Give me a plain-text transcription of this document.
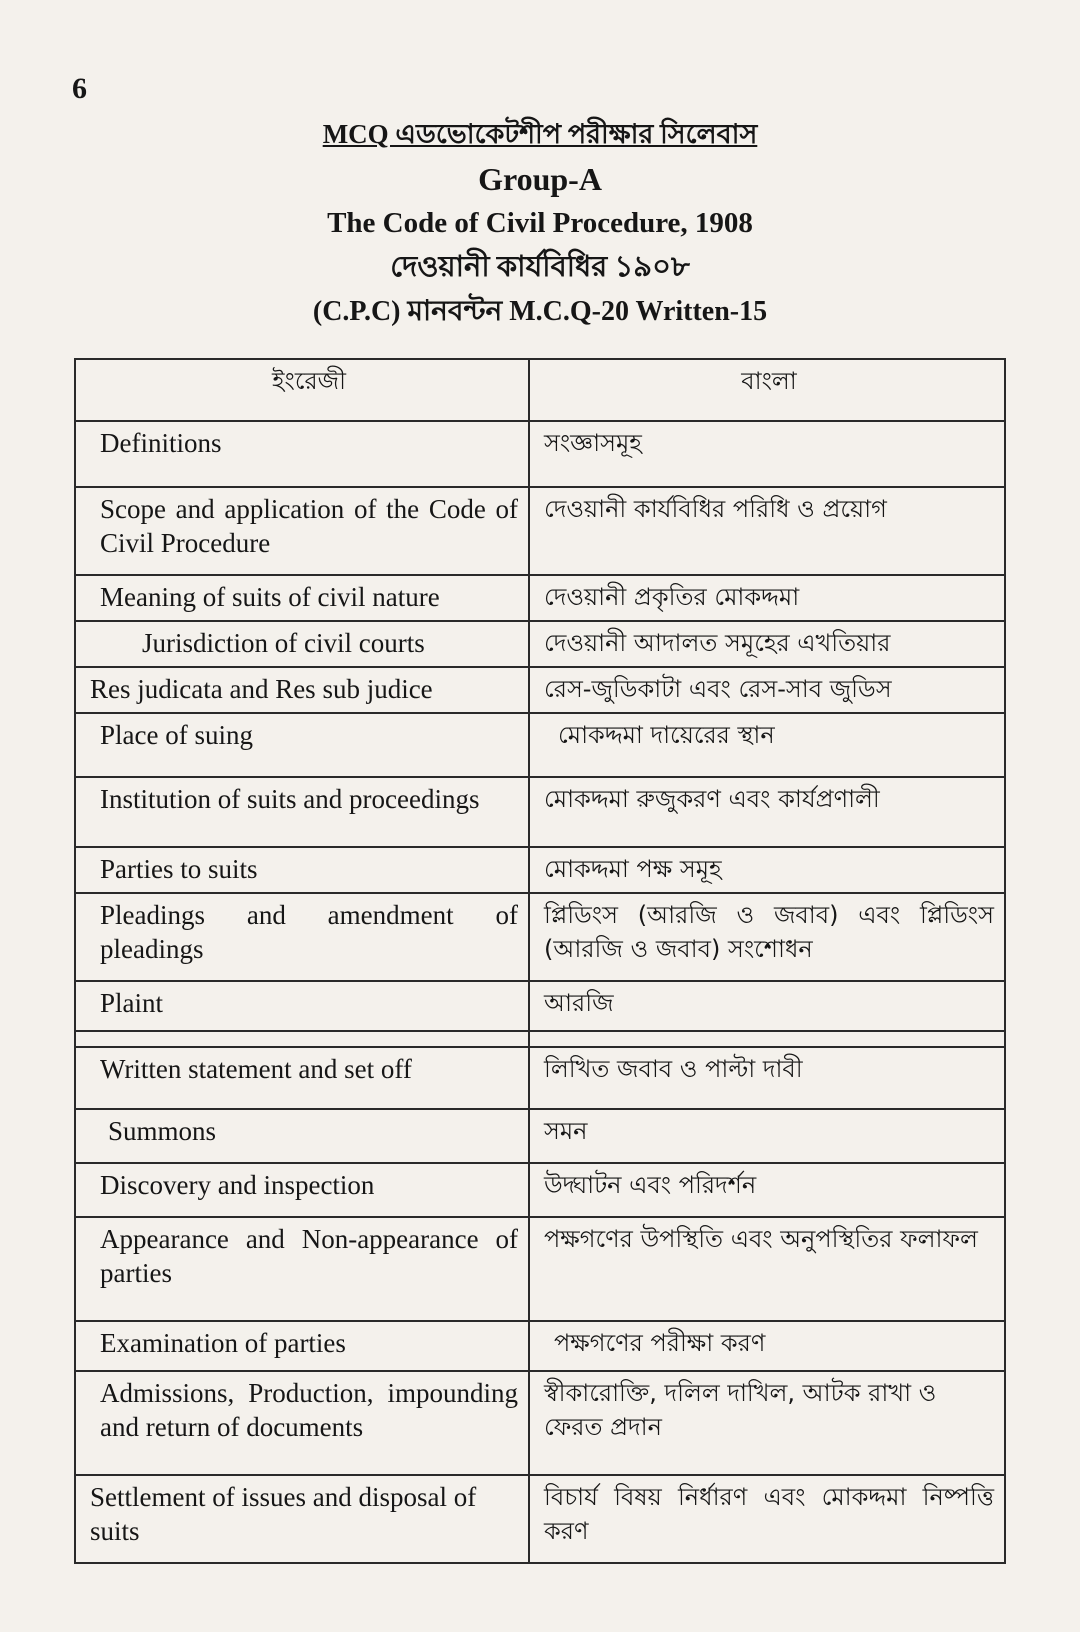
6
MCQ এডভোকেটশীপ পরীক্ষার সিলেবাস
Group-A
The Code of Civil Procedure, 1908
দেওয়ানী কার্যবিধির ১৯০৮
(C.P.C) মানবন্টন M.C.Q-20 Written-15
ইংরেজী	বাংলা
Definitions	সংজ্ঞাসমূহ
Scope and application of the Code of Civil Procedure	দেওয়ানী কার্যবিধির পরিধি ও প্রয়োগ
Meaning of suits of civil nature	দেওয়ানী প্রকৃতির মোকদ্দমা
Jurisdiction of civil courts	দেওয়ানী আদালত সমূহের এখতিয়ার
Res judicata and Res sub judice	রেস-জুডিকাটা এবং রেস-সাব জুডিস
Place of suing	মোকদ্দমা দায়েরের স্থান
Institution of suits and proceedings	মোকদ্দমা রুজুকরণ এবং কার্যপ্রণালী
Parties to suits	মোকদ্দমা পক্ষ সমূহ
Pleadings and amendment of pleadings	প্লিডিংস (আরজি ও জবাব) এবং প্লিডিংস (আরজি ও জবাব) সংশোধন
Plaint	আরজি

Written statement and set off	লিখিত জবাব ও পাল্টা দাবী
Summons	সমন
Discovery and inspection	উদ্ঘাটন এবং পরিদর্শন
Appearance and Non-appearance of parties	পক্ষগণের উপস্থিতি এবং অনুপস্থিতির ফলাফল
Examination of parties	পক্ষগণের পরীক্ষা করণ
Admissions, Production, impounding and return of documents	স্বীকারোক্তি, দলিল দাখিল, আটক রাখা ও ফেরত প্রদান
Settlement of issues and disposal of suits	বিচার্য বিষয় নির্ধারণ এবং মোকদ্দমা নিষ্পত্তি করণ
